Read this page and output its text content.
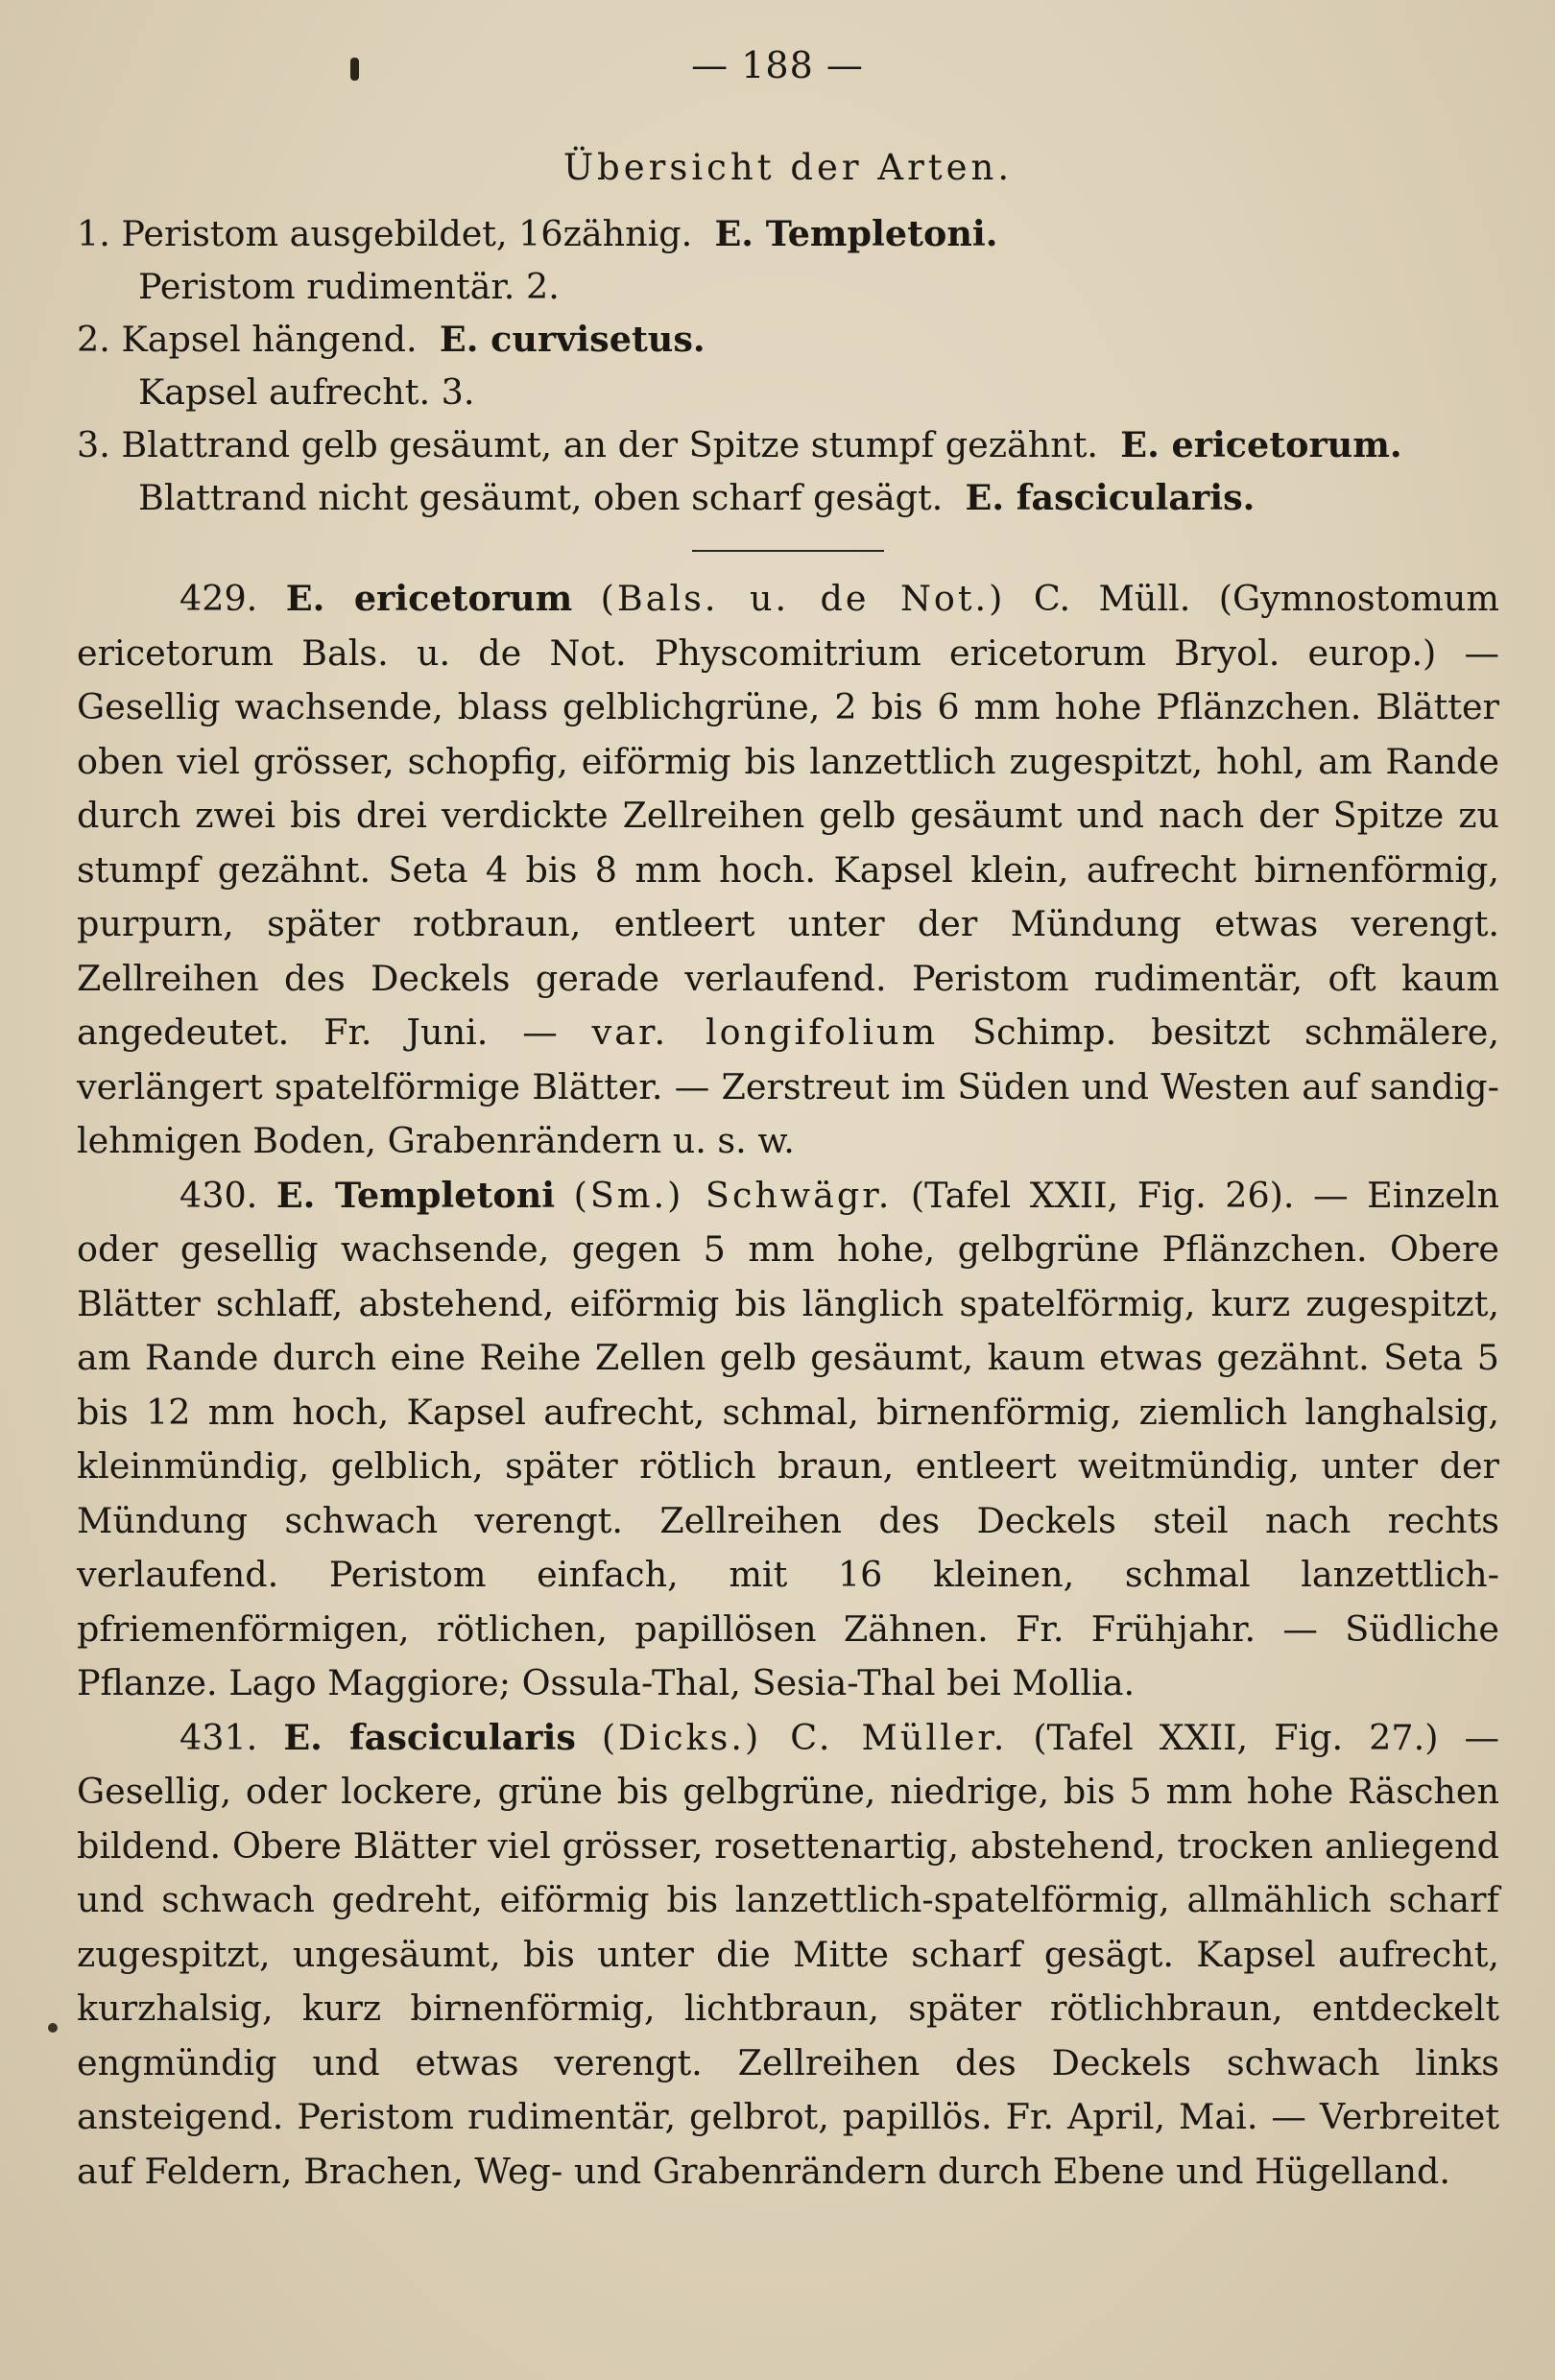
— 188 —
Übersicht der Arten.
1. Peristom ausgebildet, 16zähnig. E. Templetoni.
Peristom rudimentär. 2.
2. Kapsel hängend. E. curvisetus.
Kapsel aufrecht. 3.
3. Blattrand gelb gesäumt, an der Spitze stumpf gezähnt. E. ericetorum.
Blattrand nicht gesäumt, oben scharf gesägt. E. fascicularis.

429. E. ericetorum (Bals. u. de Not.) C. Müll. (Gymnostomum ericetorum Bals. u. de Not. Physcomitrium ericetorum Bryol. europ.) — Gesellig wachsende, blass gelblichgrüne, 2 bis 6 mm hohe Pflänzchen. Blätter oben viel grösser, schopfig, eiförmig bis lanzettlich zugespitzt, hohl, am Rande durch zwei bis drei verdickte Zellreihen gelb gesäumt und nach der Spitze zu stumpf gezähnt. Seta 4 bis 8 mm hoch. Kapsel klein, aufrecht birnenförmig, purpurn, später rotbraun, entleert unter der Mündung etwas verengt. Zellreihen des Deckels gerade verlaufend. Peristom rudimentär, oft kaum angedeutet. Fr. Juni. — var. longifolium Schimp. besitzt schmälere, verlängert spatelförmige Blätter. — Zerstreut im Süden und Westen auf sandig-lehmigen Boden, Grabenrändern u. s. w.

430. E. Templetoni (Sm.) Schwägr. (Tafel XXII, Fig. 26). — Einzeln oder gesellig wachsende, gegen 5 mm hohe, gelbgrüne Pflänzchen. Obere Blätter schlaff, abstehend, eiförmig bis länglich spatelförmig, kurz zugespitzt, am Rande durch eine Reihe Zellen gelb gesäumt, kaum etwas gezähnt. Seta 5 bis 12 mm hoch, Kapsel aufrecht, schmal, birnenförmig, ziemlich langhalsig, kleinmündig, gelblich, später rötlich braun, entleert weitmündig, unter der Mündung schwach verengt. Zellreihen des Deckels steil nach rechts verlaufend. Peristom einfach, mit 16 kleinen, schmal lanzettlich-pfriemenförmigen, rötlichen, papillösen Zähnen. Fr. Frühjahr. — Südliche Pflanze. Lago Maggiore; Ossula-Thal, Sesia-Thal bei Mollia.

431. E. fascicularis (Dicks.) C. Müller. (Tafel XXII, Fig. 27.) — Gesellig, oder lockere, grüne bis gelbgrüne, niedrige, bis 5 mm hohe Räschen bildend. Obere Blätter viel grösser, rosettenartig, abstehend, trocken anliegend und schwach gedreht, eiförmig bis lanzettlich-spatelförmig, allmählich scharf zugespitzt, ungesäumt, bis unter die Mitte scharf gesägt. Kapsel aufrecht, kurzhalsig, kurz birnenförmig, lichtbraun, später rötlichbraun, entdeckelt engmündig und etwas verengt. Zellreihen des Deckels schwach links ansteigend. Peristom rudimentär, gelbrot, papillös. Fr. April, Mai. — Verbreitet auf Feldern, Brachen, Weg- und Grabenrändern durch Ebene und Hügelland.
